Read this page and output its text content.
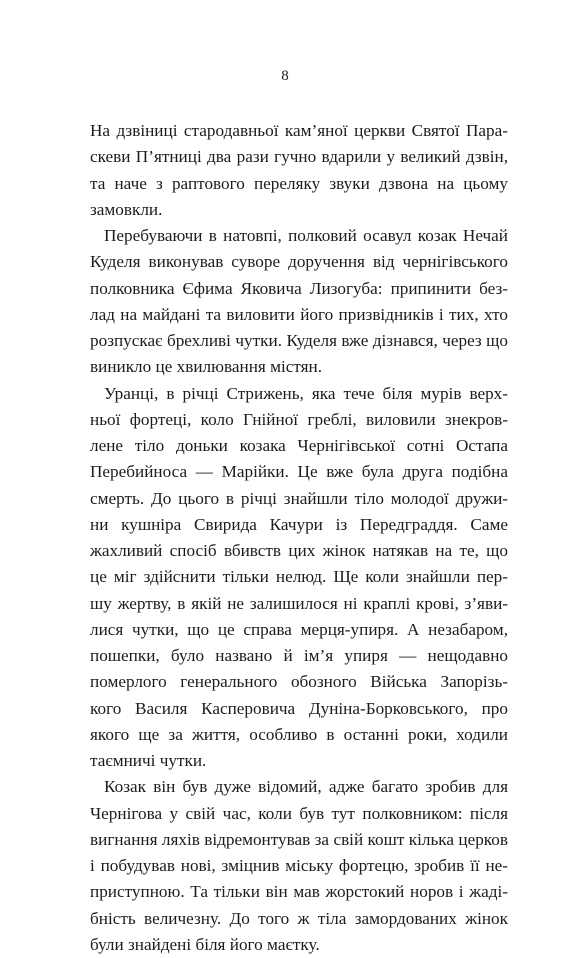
8
На дзвіниці стародавньої кам’яної церкви Святої Пара-
скеви П’ятниці два рази гучно вдарили у великий дзвін,
та наче з раптового переляку звуки дзвона на цьому
замовкли.
Перебуваючи в натовпі, полковий осавул козак Нечай
Куделя виконував суворе доручення від чернігівського
полковника Єфима Яковича Лизогуба: припинити без-
лад на майдані та виловити його призвідників і тих, хто
розпускає брехливі чутки. Куделя вже дізнався, через що
виникло це хвилювання містян.
Уранці, в річці Стрижень, яка тече біля мурів верх-
ньої фортеці, коло Гнійної греблі, виловили знекров-
лене тіло доньки козака Чернігівської сотні Остапа
Перебийноса — Марійки. Це вже була друга подібна
смерть. До цього в річці знайшли тіло молодої дружи-
ни кушніра Свирида Качури із Передграддя. Саме
жахливий спосіб вбивств цих жінок натякав на те, що
це міг здійснити тільки нелюд. Ще коли знайшли пер-
шу жертву, в якій не залишилося ні краплі крові, з’яви-
лися чутки, що це справа мерця-упиря. А незабаром,
пошепки, було названо й ім’я упиря — нещодавно
померлого генерального обозного Війська Запорізь-
кого Василя Касперовича Дуніна-Борковського, про
якого ще за життя, особливо в останні роки, ходили
таємничі чутки.
Козак він був дуже відомий, адже багато зробив для
Чернігова у свій час, коли був тут полковником: після
вигнання ляхів відремонтував за свій кошт кілька церков
і побудував нові, зміцнив міську фортецю, зробив її не-
приступною. Та тільки він мав жорстокий норов і жаді-
бність величезну. До того ж тіла замордованих жінок
були знайдені біля його маєтку.
